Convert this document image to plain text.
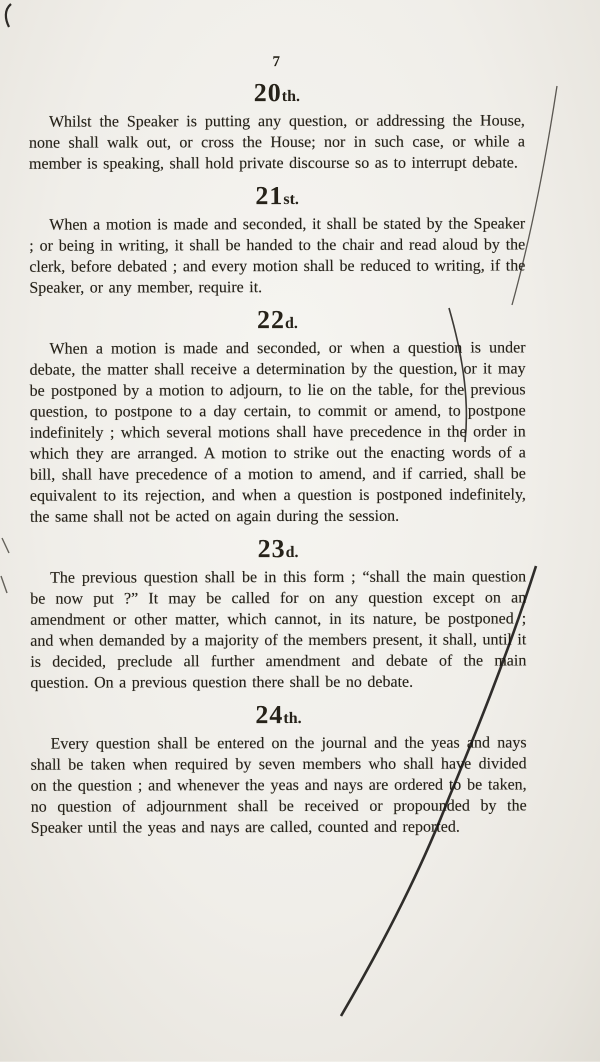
7
20th.

Whilst the Speaker is putting any question, or addressing the House, none shall walk out, or cross the House; nor in such case, or while a member is speaking, shall hold private discourse so as to interrupt debate.

21st.

When a motion is made and seconded, it shall be stated by the Speaker ; or being in writing, it shall be handed to the chair and read aloud by the clerk, before debated ; and every motion shall be reduced to writing, if the Speaker, or any member, require it.

22d.

When a motion is made and seconded, or when a question is under debate, the matter shall receive a determination by the question, or it may be postponed by a motion to adjourn, to lie on the table, for the previous question, to postpone to a day certain, to commit or amend, to postpone indefinitely ; which several motions shall have precedence in the order in which they are arranged. A motion to strike out the enacting words of a bill, shall have precedence of a motion to amend, and if carried, shall be equivalent to its rejection, and when a question is postponed indefinitely, the same shall not be acted on again during the session.

23d.

The previous question shall be in this form ; “shall the main question be now put ?” It may be called for on any question except on an amendment or other matter, which cannot, in its nature, be postponed ; and when demanded by a majority of the members present, it shall, until it is decided, preclude all further amendment and debate of the main question. On a previous question there shall be no debate.

24th.

Every question shall be entered on the journal and the yeas and nays shall be taken when required by seven members who shall have divided on the question ; and whenever the yeas and nays are ordered to be taken, no question of adjournment shall be received or propounded by the Speaker until the yeas and nays are called, counted and reported.
